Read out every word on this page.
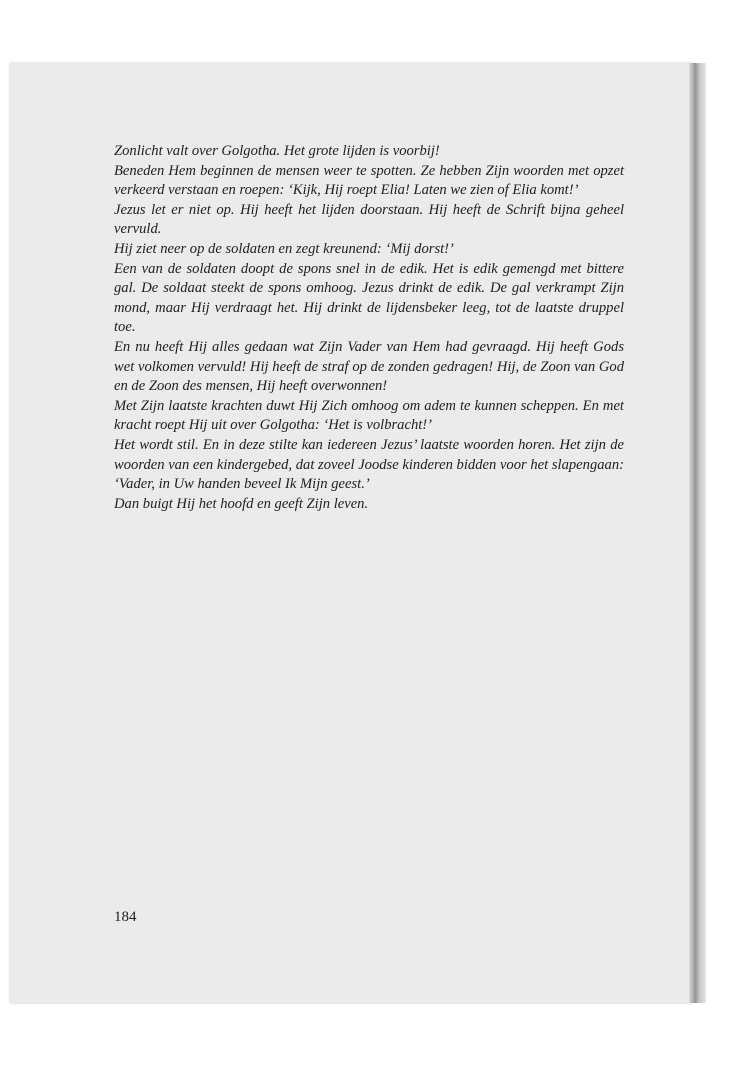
Zonlicht valt over Golgotha. Het grote lijden is voorbij!

Beneden Hem beginnen de mensen weer te spotten. Ze hebben Zijn woorden met opzet verkeerd verstaan en roepen: ‘Kijk, Hij roept Elia! Laten we zien of Elia komt!’

Jezus let er niet op. Hij heeft het lijden doorstaan. Hij heeft de Schrift bijna geheel vervuld.

Hij ziet neer op de soldaten en zegt kreunend: ‘Mij dorst!’

Een van de soldaten doopt de spons snel in de edik. Het is edik gemengd met bittere gal. De soldaat steekt de spons omhoog. Jezus drinkt de edik. De gal verkrampt Zijn mond, maar Hij verdraagt het. Hij drinkt de lijdensbeker leeg, tot de laatste druppel toe.

En nu heeft Hij alles gedaan wat Zijn Vader van Hem had gevraagd. Hij heeft Gods wet volkomen vervuld! Hij heeft de straf op de zonden gedragen! Hij, de Zoon van God en de Zoon des mensen, Hij heeft overwonnen!

Met Zijn laatste krachten duwt Hij Zich omhoog om adem te kunnen scheppen. En met kracht roept Hij uit over Golgotha: ‘Het is volbracht!’

Het wordt stil. En in deze stilte kan iedereen Jezus’ laatste woorden horen. Het zijn de woorden van een kindergebed, dat zoveel Joodse kinderen bidden voor het slapengaan: ‘Vader, in Uw handen beveel Ik Mijn geest.’

Dan buigt Hij het hoofd en geeft Zijn leven.

184
